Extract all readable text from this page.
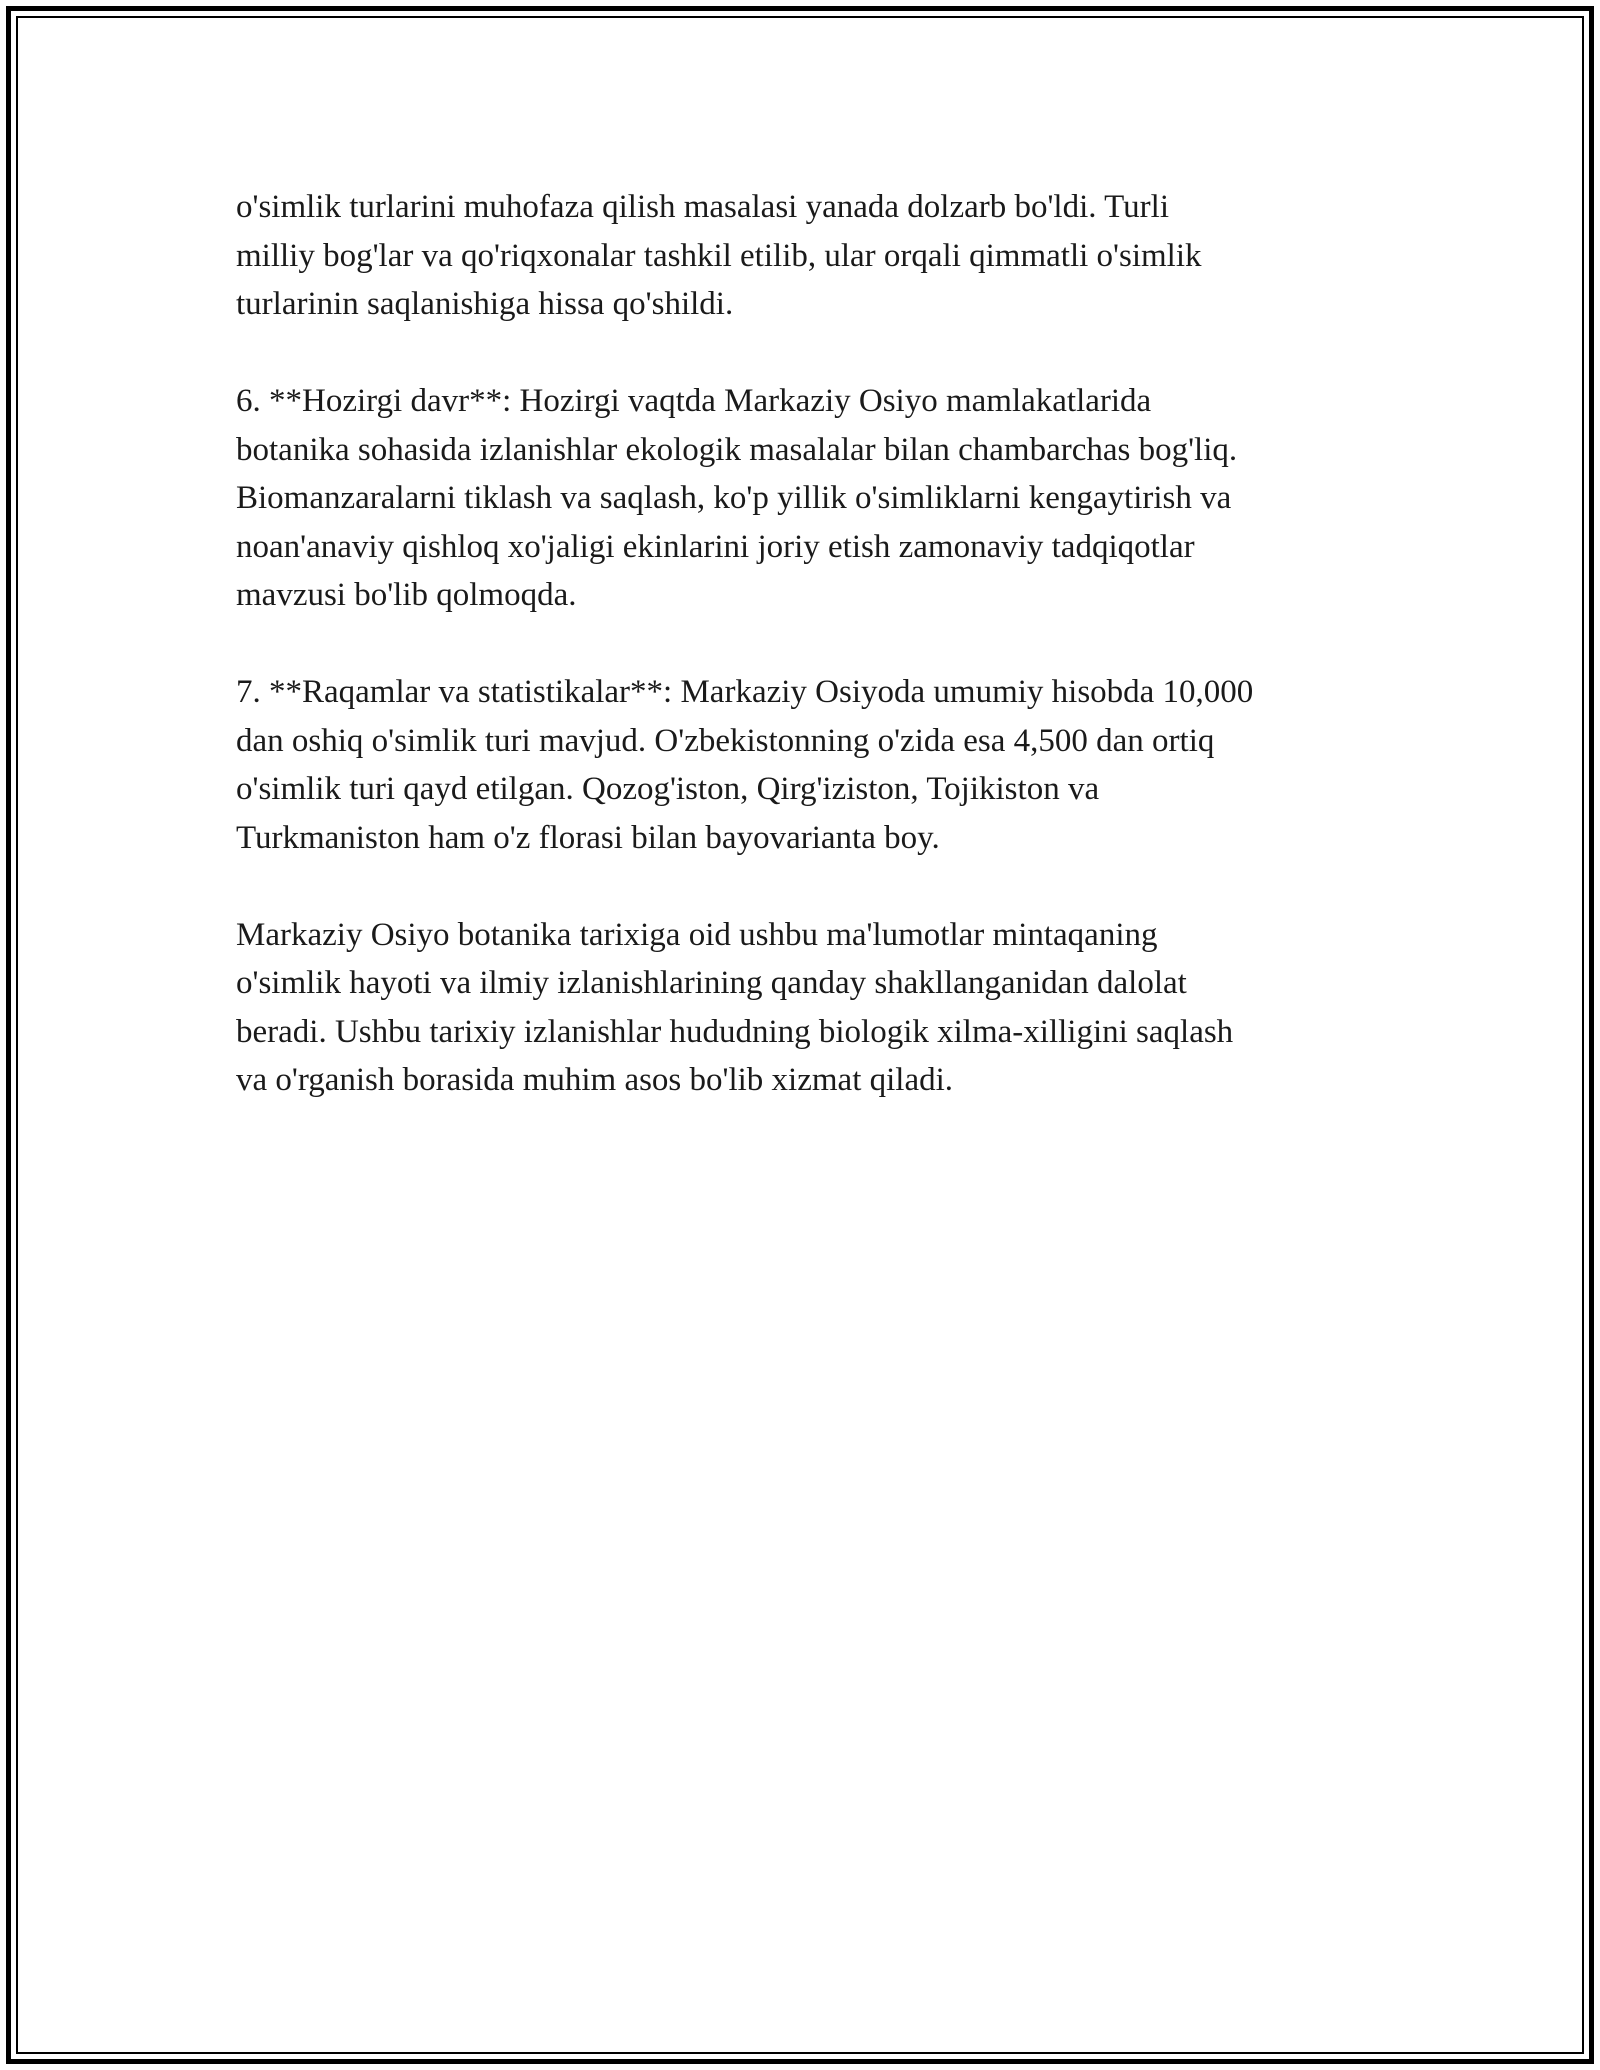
o'simlik turlarini muhofaza qilish masalasi yanada dolzarb bo'ldi. Turli
milliy bog'lar va qo'riqxonalar tashkil etilib, ular orqali qimmatli o'simlik
turlarinin saqlanishiga hissa qo'shildi.

6. **Hozirgi davr**: Hozirgi vaqtda Markaziy Osiyo mamlakatlarida
botanika sohasida izlanishlar ekologik masalalar bilan chambarchas bog'liq.
Biomanzaralarni tiklash va saqlash, ko'p yillik o'simliklarni kengaytirish va
noan'anaviy qishloq xo'jaligi ekinlarini joriy etish zamonaviy tadqiqotlar
mavzusi bo'lib qolmoqda.

7. **Raqamlar va statistikalar**: Markaziy Osiyoda umumiy hisobda 10,000
dan oshiq o'simlik turi mavjud. O'zbekistonning o'zida esa 4,500 dan ortiq
o'simlik turi qayd etilgan. Qozog'iston, Qirg'iziston, Tojikiston va
Turkmaniston ham o'z florasi bilan bayovarianta boy.

Markaziy Osiyo botanika tarixiga oid ushbu ma'lumotlar mintaqaning
o'simlik hayoti va ilmiy izlanishlarining qanday shakllanganidan dalolat
beradi. Ushbu tarixiy izlanishlar hududning biologik xilma-xilligini saqlash
va o'rganish borasida muhim asos bo'lib xizmat qiladi.
